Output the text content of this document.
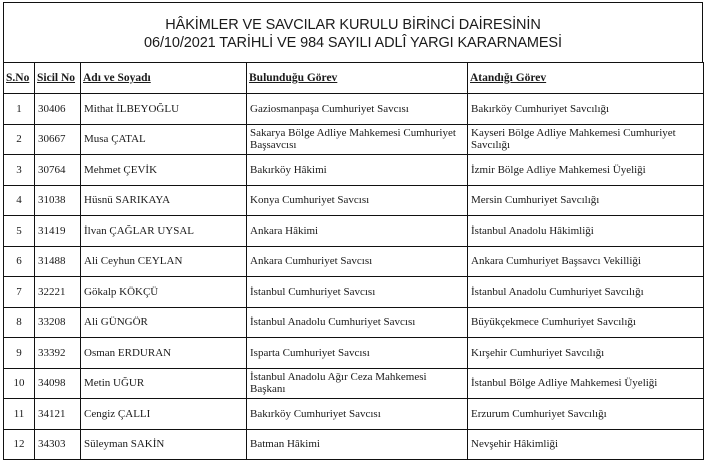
HÂKİMLER VE SAVCILAR KURULU BİRİNCİ DAİRESİNİN
06/10/2021 TARİHLİ VE 984 SAYILI ADLÎ YARGI KARARNAMESİ
S.No	Sicil No	Adı ve Soyadı	Bulunduğu Görev	Atandığı Görev
1	30406	Mithat İLBEYOĞLU	Gaziosmanpaşa Cumhuriyet Savcısı	Bakırköy Cumhuriyet Savcılığı
2	30667	Musa ÇATAL	Sakarya Bölge Adliye Mahkemesi Cumhuriyet Başsavcısı	Kayseri Bölge Adliye Mahkemesi Cumhuriyet Savcılığı
3	30764	Mehmet ÇEVİK	Bakırköy Hâkimi	İzmir Bölge Adliye Mahkemesi Üyeliği
4	31038	Hüsnü SARIKAYA	Konya Cumhuriyet Savcısı	Mersin Cumhuriyet Savcılığı
5	31419	İlvan ÇAĞLAR UYSAL	Ankara Hâkimi	İstanbul Anadolu Hâkimliği
6	31488	Ali Ceyhun CEYLAN	Ankara Cumhuriyet Savcısı	Ankara Cumhuriyet Başsavcı Vekilliği
7	32221	Gökalp KÖKÇÜ	İstanbul Cumhuriyet Savcısı	İstanbul Anadolu Cumhuriyet Savcılığı
8	33208	Ali GÜNGÖR	İstanbul Anadolu Cumhuriyet Savcısı	Büyükçekmece Cumhuriyet Savcılığı
9	33392	Osman ERDURAN	Isparta Cumhuriyet Savcısı	Kırşehir Cumhuriyet Savcılığı
10	34098	Metin UĞUR	İstanbul Anadolu Ağır Ceza Mahkemesi Başkanı	İstanbul Bölge Adliye Mahkemesi Üyeliği
11	34121	Cengiz ÇALLI	Bakırköy Cumhuriyet Savcısı	Erzurum Cumhuriyet Savcılığı
12	34303	Süleyman SAKİN	Batman Hâkimi	Nevşehir Hâkimliği
